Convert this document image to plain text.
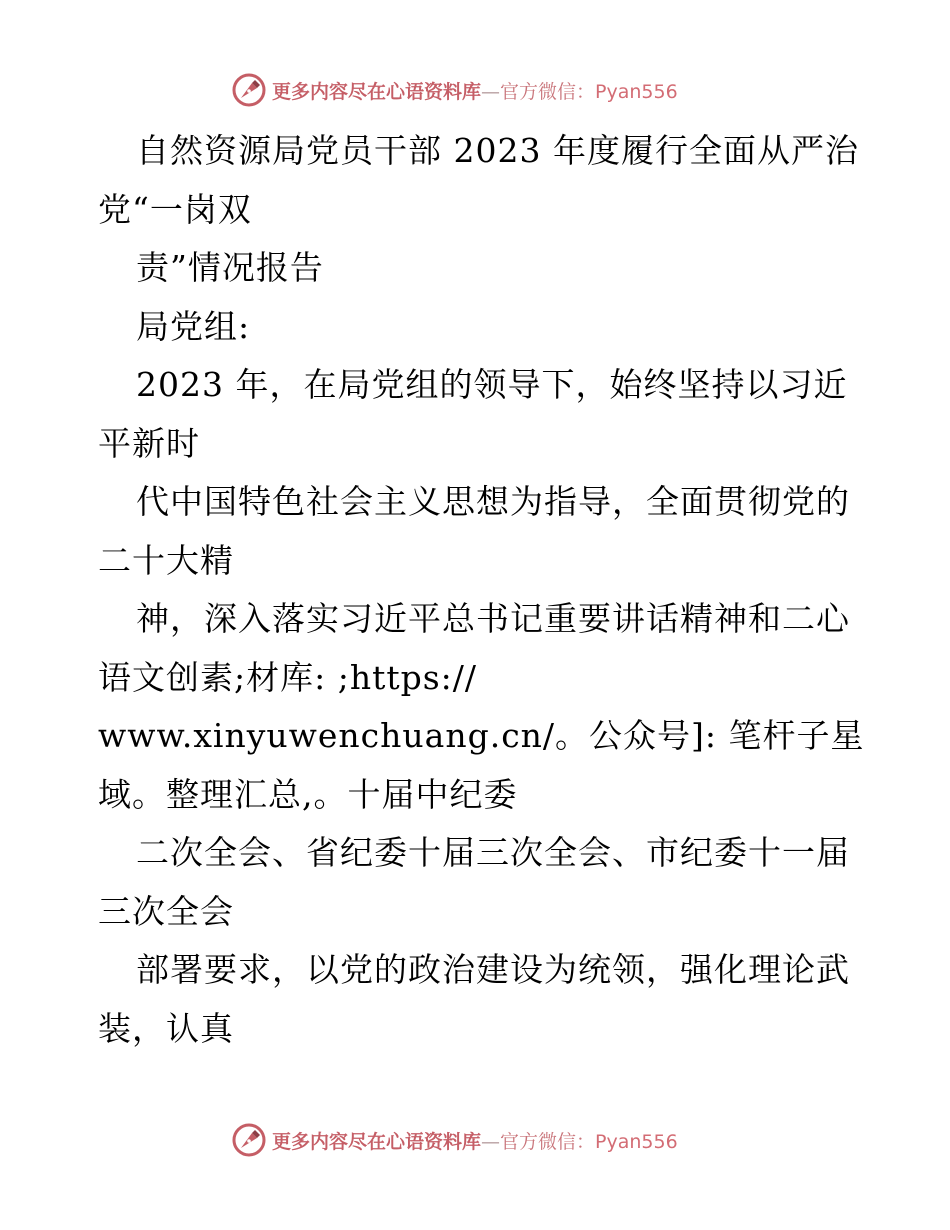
更多内容尽在心语资料库—官方微信：Pyan556
自然资源局党员干部 2023 年度履行全面从严治
党“一岗双
责”情况报告
局党组:
2023 年，在局党组的领导下，始终坚持以习近
平新时
代中国特色社会主义思想为指导，全面贯彻党的
二十大精
神，深入落实习近平总书记重要讲话精神和二心
语文创素;材库: ;https://
www.xinyuwenchuang.cn/。公众号]: 笔杆子星
域。整理汇总,。十届中纪委
二次全会、省纪委十届三次全会、市纪委十一届
三次全会
部署要求，以党的政治建设为统领，强化理论武
装，认真
更多内容尽在心语资料库—官方微信：Pyan556
